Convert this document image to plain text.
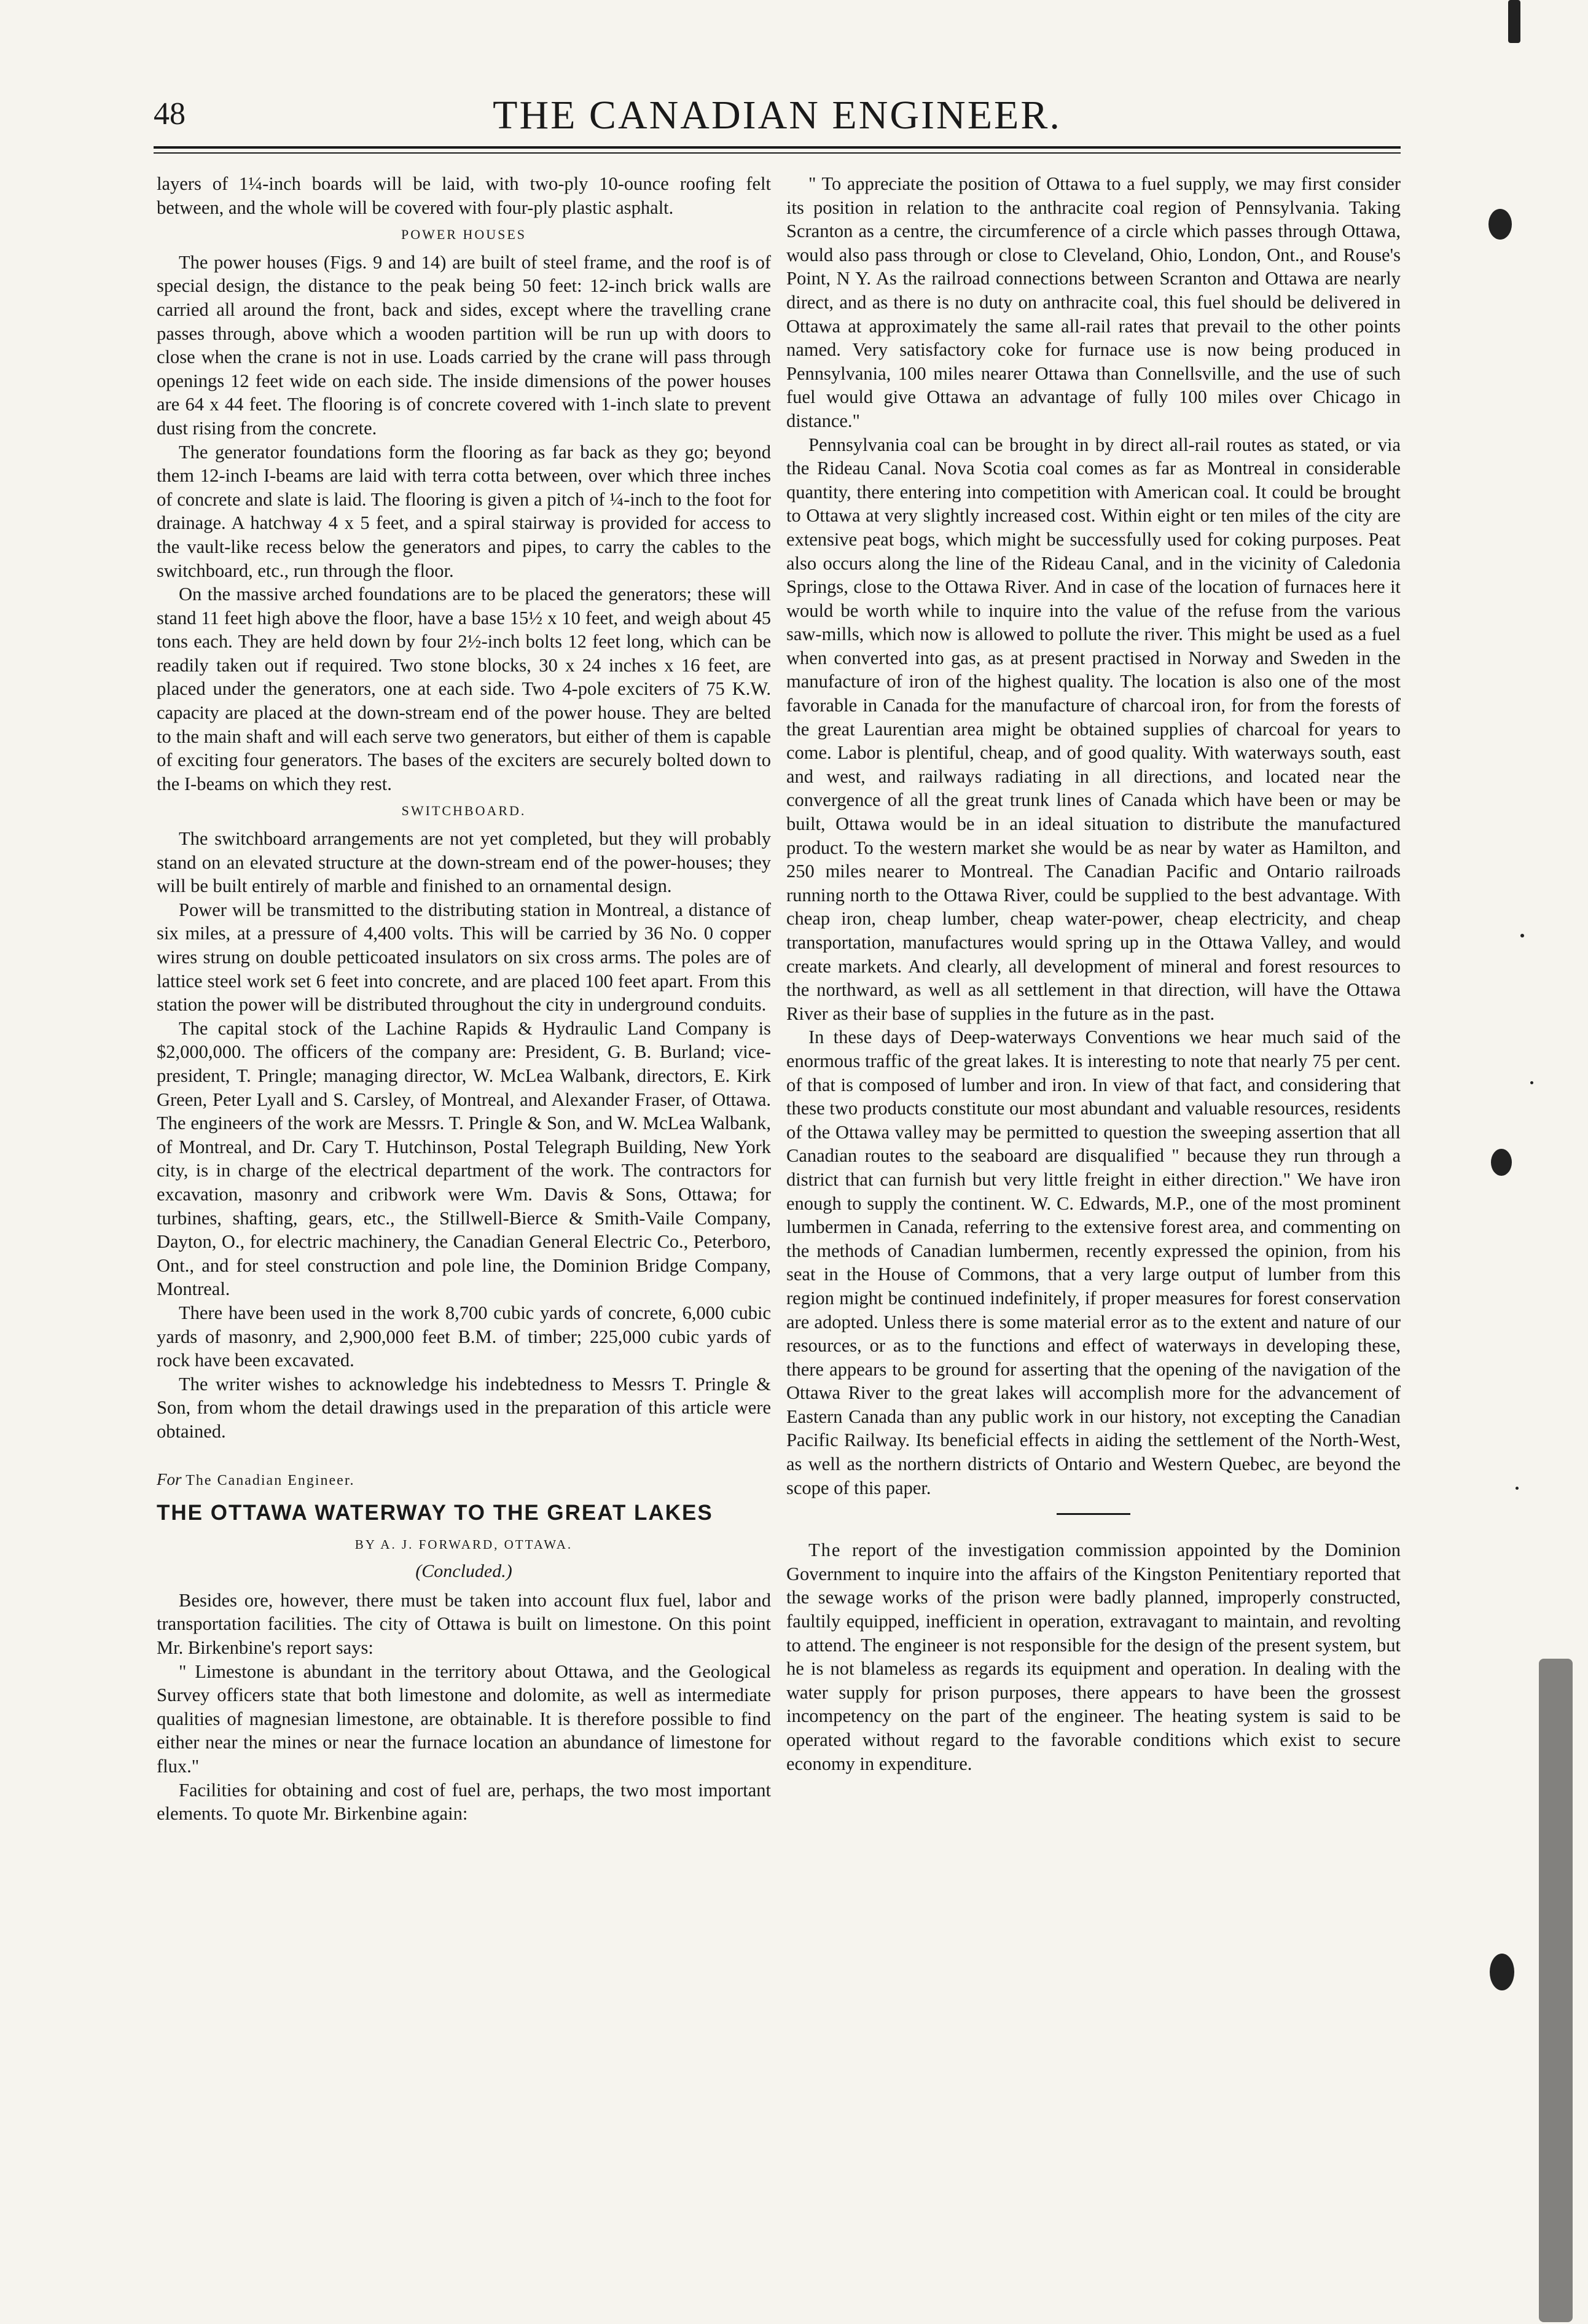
48	THE CANADIAN ENGINEER.

layers of 1¼-inch boards will be laid, with two-ply 10-ounce roofing felt between, and the whole will be covered with four-ply plastic asphalt.

POWER HOUSES

The power houses (Figs. 9 and 14) are built of steel frame, and the roof is of special design, the distance to the peak being 50 feet: 12-inch brick walls are carried all around the front, back and sides, except where the travelling crane passes through, above which a wooden partition will be run up with doors to close when the crane is not in use. Loads carried by the crane will pass through openings 12 feet wide on each side. The inside dimensions of the power houses are 64 x 44 feet. The flooring is of concrete covered with 1-inch slate to prevent dust rising from the concrete.

The generator foundations form the flooring as far back as they go; beyond them 12-inch I-beams are laid with terra cotta between, over which three inches of concrete and slate is laid. The flooring is given a pitch of ¼-inch to the foot for drainage. A hatchway 4 x 5 feet, and a spiral stairway is provided for access to the vault-like recess below the generators and pipes, to carry the cables to the switchboard, etc., run through the floor.

On the massive arched foundations are to be placed the generators; these will stand 11 feet high above the floor, have a base 15½ x 10 feet, and weigh about 45 tons each. They are held down by four 2½-inch bolts 12 feet long, which can be readily taken out if required. Two stone blocks, 30 x 24 inches x 16 feet, are placed under the generators, one at each side. Two 4-pole exciters of 75 K.W. capacity are placed at the down-stream end of the power house. They are belted to the main shaft and will each serve two generators, but either of them is capable of exciting four generators. The bases of the exciters are securely bolted down to the I-beams on which they rest.

SWITCHBOARD.

The switchboard arrangements are not yet completed, but they will probably stand on an elevated structure at the down-stream end of the power-houses; they will be built entirely of marble and finished to an ornamental design.

Power will be transmitted to the distributing station in Montreal, a distance of six miles, at a pressure of 4,400 volts. This will be carried by 36 No. 0 copper wires strung on double petticoated insulators on six cross arms. The poles are of lattice steel work set 6 feet into concrete, and are placed 100 feet apart. From this station the power will be distributed throughout the city in underground conduits.

The capital stock of the Lachine Rapids & Hydraulic Land Company is $2,000,000. The officers of the company are: President, G. B. Burland; vice-president, T. Pringle; managing director, W. McLea Walbank, directors, E. Kirk Green, Peter Lyall and S. Carsley, of Montreal, and Alexander Fraser, of Ottawa. The engineers of the work are Messrs. T. Pringle & Son, and W. McLea Walbank, of Montreal, and Dr. Cary T. Hutchinson, Postal Telegraph Building, New York city, is in charge of the electrical department of the work. The contractors for excavation, masonry and cribwork were Wm. Davis & Sons, Ottawa; for turbines, shafting, gears, etc., the Stillwell-Bierce & Smith-Vaile Company, Dayton, O., for electric machinery, the Canadian General Electric Co., Peterboro, Ont., and for steel construction and pole line, the Dominion Bridge Company, Montreal.

There have been used in the work 8,700 cubic yards of concrete, 6,000 cubic yards of masonry, and 2,900,000 feet B.M. of timber; 225,000 cubic yards of rock have been excavated.

The writer wishes to acknowledge his indebtedness to Messrs T. Pringle & Son, from whom the detail drawings used in the preparation of this article were obtained.

For The Canadian Engineer.

THE OTTAWA WATERWAY TO THE GREAT LAKES
BY A. J. FORWARD, OTTAWA.
(Concluded.)

Besides ore, however, there must be taken into account flux fuel, labor and transportation facilities. The city of Ottawa is built on limestone. On this point Mr. Birkenbine's report says:

" Limestone is abundant in the territory about Ottawa, and the Geological Survey officers state that both limestone and dolomite, as well as intermediate qualities of magnesian limestone, are obtainable. It is therefore possible to find either near the mines or near the furnace location an abundance of limestone for flux."

Facilities for obtaining and cost of fuel are, perhaps, the two most important elements. To quote Mr. Birkenbine again:

" To appreciate the position of Ottawa to a fuel supply, we may first consider its position in relation to the anthracite coal region of Pennsylvania. Taking Scranton as a centre, the circumference of a circle which passes through Ottawa, would also pass through or close to Cleveland, Ohio, London, Ont., and Rouse's Point, N Y. As the railroad connections between Scranton and Ottawa are nearly direct, and as there is no duty on anthracite coal, this fuel should be delivered in Ottawa at approximately the same all-rail rates that prevail to the other points named. Very satisfactory coke for furnace use is now being produced in Pennsylvania, 100 miles nearer Ottawa than Connellsville, and the use of such fuel would give Ottawa an advantage of fully 100 miles over Chicago in distance."

Pennsylvania coal can be brought in by direct all-rail routes as stated, or via the Rideau Canal. Nova Scotia coal comes as far as Montreal in considerable quantity, there entering into competition with American coal. It could be brought to Ottawa at very slightly increased cost. Within eight or ten miles of the city are extensive peat bogs, which might be successfully used for coking purposes. Peat also occurs along the line of the Rideau Canal, and in the vicinity of Caledonia Springs, close to the Ottawa River. And in case of the location of furnaces here it would be worth while to inquire into the value of the refuse from the various saw-mills, which now is allowed to pollute the river. This might be used as a fuel when converted into gas, as at present practised in Norway and Sweden in the manufacture of iron of the highest quality. The location is also one of the most favorable in Canada for the manufacture of charcoal iron, for from the forests of the great Laurentian area might be obtained supplies of charcoal for years to come. Labor is plentiful, cheap, and of good quality. With waterways south, east and west, and railways radiating in all directions, and located near the convergence of all the great trunk lines of Canada which have been or may be built, Ottawa would be in an ideal situation to distribute the manufactured product. To the western market she would be as near by water as Hamilton, and 250 miles nearer to Montreal. The Canadian Pacific and Ontario railroads running north to the Ottawa River, could be supplied to the best advantage. With cheap iron, cheap lumber, cheap water-power, cheap electricity, and cheap transportation, manufactures would spring up in the Ottawa Valley, and would create markets. And clearly, all development of mineral and forest resources to the northward, as well as all settlement in that direction, will have the Ottawa River as their base of supplies in the future as in the past.

In these days of Deep-waterways Conventions we hear much said of the enormous traffic of the great lakes. It is interesting to note that nearly 75 per cent. of that is composed of lumber and iron. In view of that fact, and considering that these two products constitute our most abundant and valuable resources, residents of the Ottawa valley may be permitted to question the sweeping assertion that all Canadian routes to the seaboard are disqualified " because they run through a district that can furnish but very little freight in either direction." We have iron enough to supply the continent. W. C. Edwards, M.P., one of the most prominent lumbermen in Canada, referring to the extensive forest area, and commenting on the methods of Canadian lumbermen, recently expressed the opinion, from his seat in the House of Commons, that a very large output of lumber from this region might be continued indefinitely, if proper measures for forest conservation are adopted. Unless there is some material error as to the extent and nature of our resources, or as to the functions and effect of waterways in developing these, there appears to be ground for asserting that the opening of the navigation of the Ottawa River to the great lakes will accomplish more for the advancement of Eastern Canada than any public work in our history, not excepting the Canadian Pacific Railway. Its beneficial effects in aiding the settlement of the North-West, as well as the northern districts of Ontario and Western Quebec, are beyond the scope of this paper.

The report of the investigation commission appointed by the Dominion Government to inquire into the affairs of the Kingston Penitentiary reported that the sewage works of the prison were badly planned, improperly constructed, faultily equipped, inefficient in operation, extravagant to maintain, and revolting to attend. The engineer is not responsible for the design of the present system, but he is not blameless as regards its equipment and operation. In dealing with the water supply for prison purposes, there appears to have been the grossest incompetency on the part of the engineer. The heating system is said to be operated without regard to the favorable conditions which exist to secure economy in expenditure.
